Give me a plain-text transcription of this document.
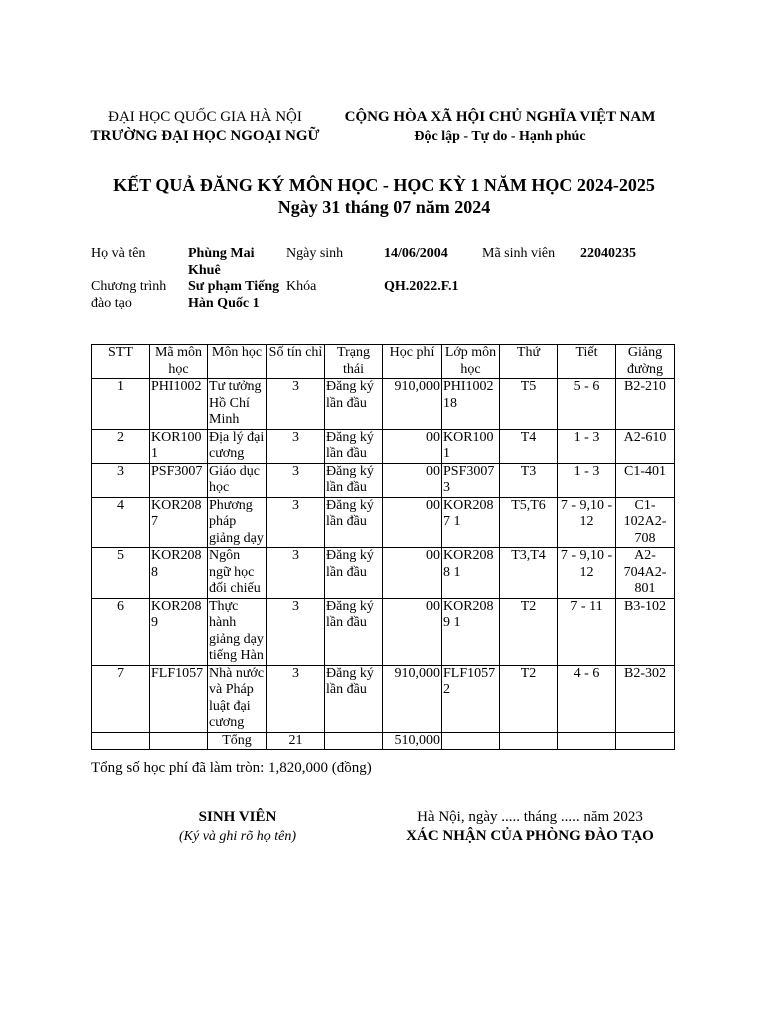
ĐẠI HỌC QUỐC GIA HÀ NỘI
TRƯỜNG ĐẠI HỌC NGOẠI NGỮ
CỘNG HÒA XÃ HỘI CHỦ NGHĨA VIỆT NAM
Độc lập - Tự do - Hạnh phúc
KẾT QUẢ ĐĂNG KÝ MÔN HỌC - HỌC KỲ 1 NĂM HỌC 2024-2025
Ngày 31 tháng 07 năm 2024
Họ và tên	Phùng Mai Khuê
Ngày sinh	14/06/2004	Mã sinh viên	22040235
Chương trình đào tạo
Sư phạm Tiếng Hàn Quốc 1
Khóa	QH.2022.F.1
STT	Mã môn học	Môn học	Số tín chỉ	Trạng thái	Học phí	Lớp môn học	Thứ	Tiết	Giảng đường
1	PHI1002	Tư tưởng Hồ Chí Minh	3	Đăng ký lần đầu	910,000	PHI1002 18	T5	5 - 6	B2-210
2	KOR1001	Địa lý đại cương	3	Đăng ký lần đầu	00	KOR1001	T4	1 - 3	A2-610
3	PSF3007	Giáo dục học	3	Đăng ký lần đầu	00	PSF3007 3	T3	1 - 3	C1-401
4	KOR2087	Phương pháp giảng dạy	3	Đăng ký lần đầu	00	KOR2087 1	T5,T6	7 - 9,10 - 12	C1-102A2-708
5	KOR2088	Ngôn ngữ học đối chiếu	3	Đăng ký lần đầu	00	KOR2088 1	T3,T4	7 - 9,10 - 12	A2-704A2-801
6	KOR2089	Thực hành giảng dạy tiếng Hàn	3	Đăng ký lần đầu	00	KOR2089 1	T2	7 - 11	B3-102
7	FLF1057	Nhà nước và Pháp luật đại cương	3	Đăng ký lần đầu	910,000	FLF1057 2	T2	4 - 6	B2-302
		Tổng	21		510,000				
Tổng số học phí đã làm tròn: 1,820,000 (đồng)
SINH VIÊN
(Ký và ghi rõ họ tên)
Hà Nội, ngày ..... tháng ..... năm 2023
XÁC NHẬN CỦA PHÒNG ĐÀO TẠO
